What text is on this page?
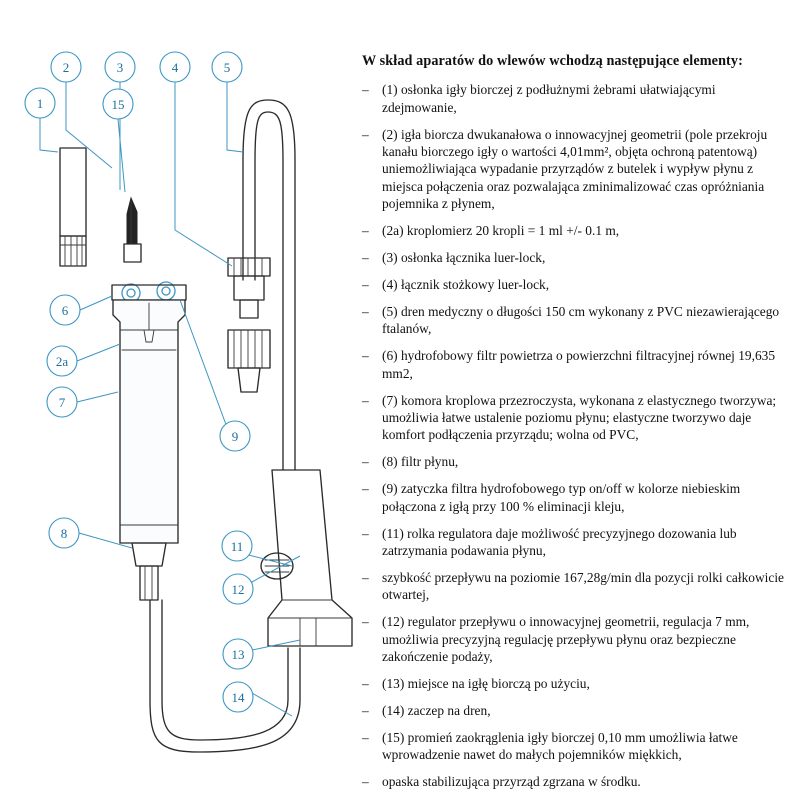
1
2	3	4	5
15
6
2a
7
9
8
11
12
13
14
W skład aparatów do wlewów wchodzą następujące elementy:
– (1) osłonka igły biorczej z podłużnymi żebrami ułatwiającymi zdejmowanie,
– (2) igła biorcza dwukanałowa o innowacyjnej geometrii (pole przekroju kanału biorczego igły o wartości 4,01mm², objęta ochroną patentową) uniemożliwiająca wypadanie przyrządów z butelek i wypływ płynu z miejsca połączenia oraz pozwalająca zminimalizować czas opróżniania pojemnika z płynem,
– (2a) kroplomierz 20 kropli = 1 ml +/- 0.1 m,
– (3) osłonka łącznika luer-lock,
– (4) łącznik stożkowy luer-lock,
– (5) dren medyczny o długości 150 cm wykonany z PVC niezawierającego ftalanów,
– (6) hydrofobowy filtr powietrza o powierzchni filtracyjnej równej 19,635 mm2,
– (7) komora kroplowa przezroczysta, wykonana z elastycznego tworzywa; umożliwia łatwe ustalenie poziomu płynu; elastyczne tworzywo daje komfort podłączenia przyrządu; wolna od PVC,
– (8) filtr płynu,
– (9) zatyczka filtra hydrofobowego typ on/off w kolorze niebieskim połączona z igłą przy 100 % eliminacji kleju,
– (11) rolka regulatora daje możliwość precyzyjnego dozowania lub zatrzymania podawania płynu,
– szybkość przepływu na poziomie 167,28g/min dla pozycji rolki całkowicie otwartej,
– (12) regulator przepływu o innowacyjnej geometrii, regulacja 7 mm, umożliwia precyzyjną regulację przepływu płynu oraz bezpieczne zakończenie podaży,
– (13) miejsce na igłę biorczą po użyciu,
– (14) zaczep na dren,
– (15) promień zaokrąglenia igły biorczej 0,10 mm umożliwia łatwe wprowadzenie nawet do małych pojemników miękkich,
– opaska stabilizująca przyrząd zgrzana w środku.
